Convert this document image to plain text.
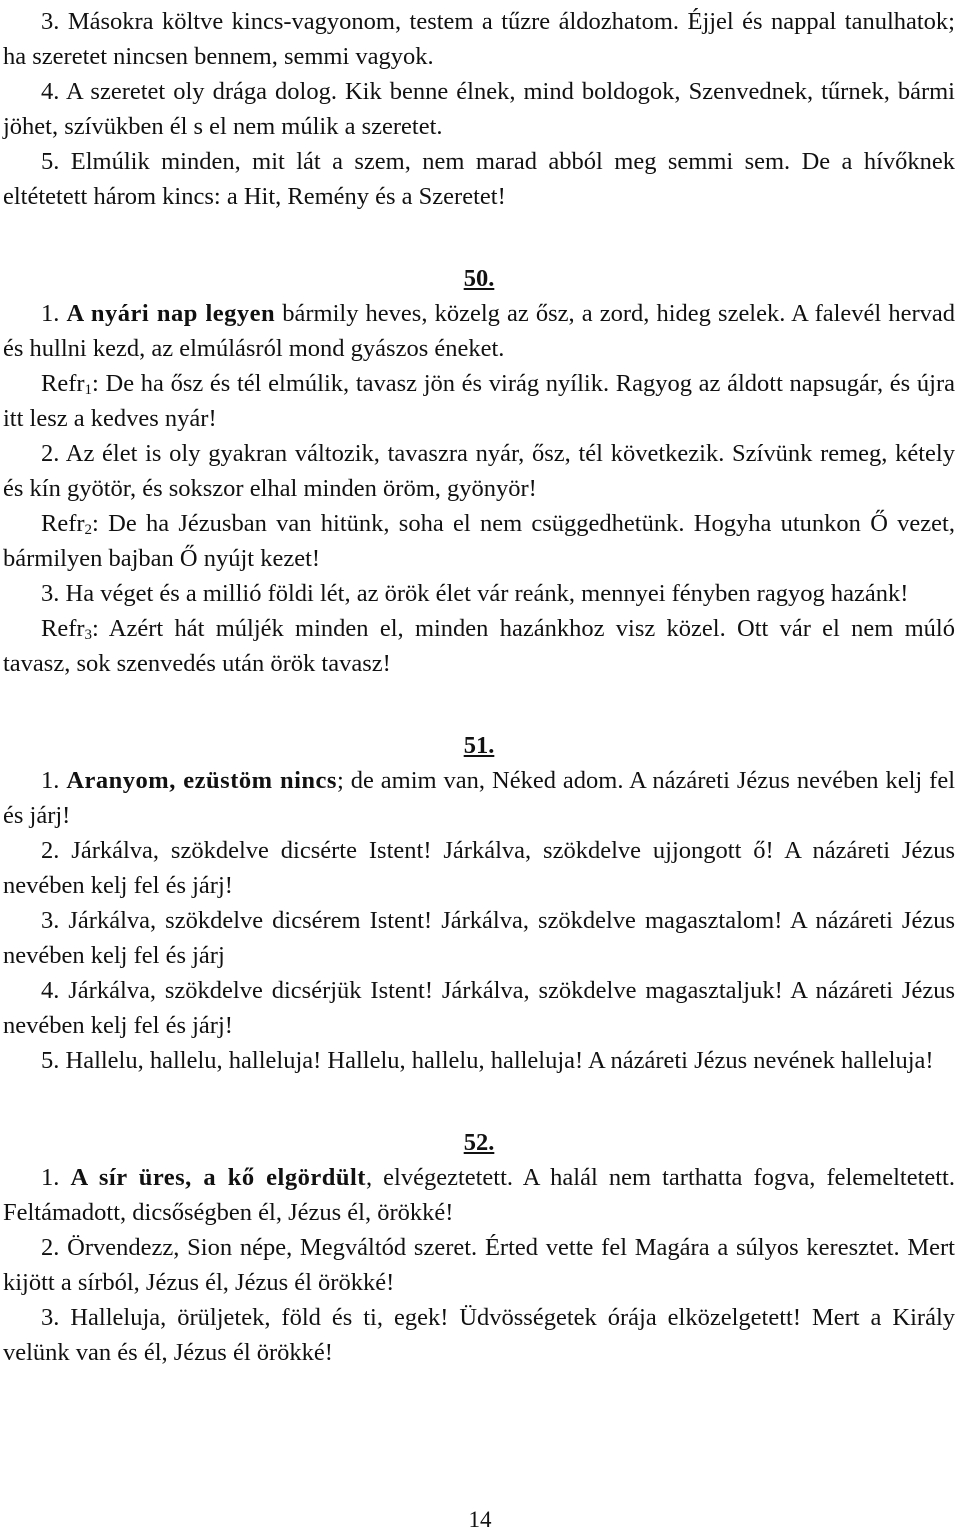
3. Másokra költve kincs-vagyonom, testem a tűzre áldozhatom. Éjjel és nappal tanulhatok; ha szeretet nincsen bennem, semmi vagyok.

4. A szeretet oly drága dolog. Kik benne élnek, mind boldogok, Szenvednek, tűrnek, bármi jöhet, szívükben él s el nem múlik a szeretet.

5. Elmúlik minden, mit lát a szem, nem marad abból meg semmi sem. De a hívőknek eltétetett három kincs: a Hit, Remény és a Szeretet!

50.

1. A nyári nap legyen bármily heves, közelg az ősz, a zord, hideg szelek. A falevél hervad és hullni kezd, az elmúlásról mond gyászos éneket.

Refr$_1$: De ha ősz és tél elmúlik, tavasz jön és virág nyílik. Ragyog az áldott napsugár, és újra itt lesz a kedves nyár!

2. Az élet is oly gyakran változik, tavaszra nyár, ősz, tél következik. Szívünk remeg, kétely és kín gyötör, és sokszor elhal minden öröm, gyönyör!

Refr$_2$: De ha Jézusban van hitünk, soha el nem csüggedhetünk. Hogyha utunkon Ő vezet, bármilyen bajban Ő nyújt kezet!

3. Ha véget és a millió földi lét, az örök élet vár reánk, mennyei fényben ragyog hazánk!

Refr$_3$: Azért hát múljék minden el, minden hazánkhoz visz közel. Ott vár el nem múló tavasz, sok szenvedés után örök tavasz!

51.

1. Aranyom, ezüstöm nincs; de amim van, Néked adom. A názáreti Jézus nevében kelj fel és járj!

2. Járkálva, szökdelve dicsérte Istent! Járkálva, szökdelve ujjongott ő! A názáreti Jézus nevében kelj fel és járj!

3. Járkálva, szökdelve dicsérem Istent! Járkálva, szökdelve magasztalom! A názáreti Jézus nevében kelj fel és járj

4. Járkálva, szökdelve dicsérjük Istent! Járkálva, szökdelve magasztaljuk! A názáreti Jézus nevében kelj fel és járj!

5. Hallelu, hallelu, halleluja! Hallelu, hallelu, halleluja! A názáreti Jézus nevének halleluja!

52.

1. A sír üres, a kő elgördült, elvégeztetett. A halál nem tarthatta fogva, felemeltetett. Feltámadott, dicsőségben él, Jézus él, örökké!

2. Örvendezz, Sion népe, Megváltód szeret. Érted vette fel Magára a súlyos keresztet. Mert kijött a sírból, Jézus él, Jézus él örökké!

3. Halleluja, örüljetek, föld és ti, egek! Üdvösségetek órája elközelgetett! Mert a Király velünk van és él, Jézus él örökké!

14
